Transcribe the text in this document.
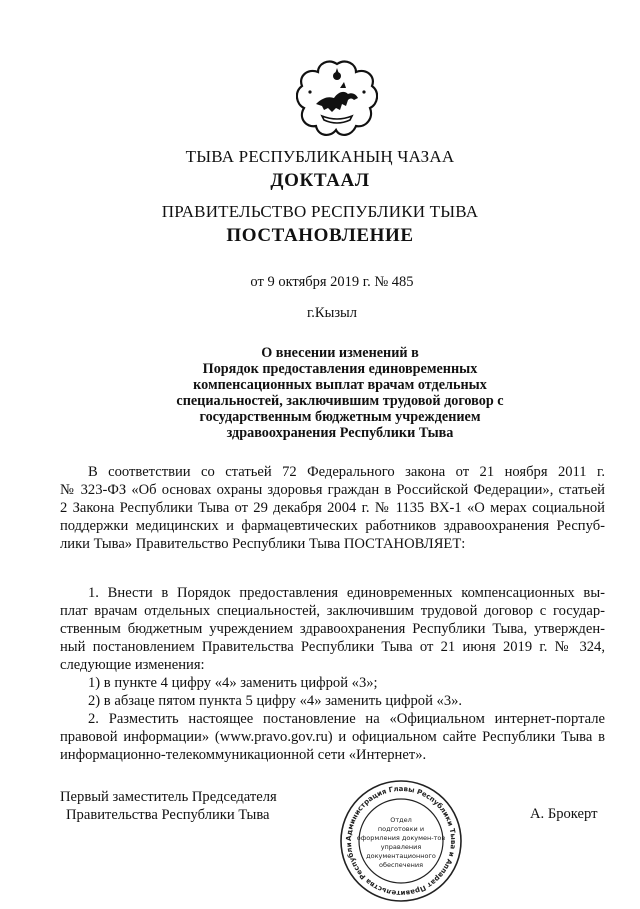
ТЫВА РЕСПУБЛИКАНЫҢ ЧАЗАА
ДОКТААЛ
ПРАВИТЕЛЬСТВО РЕСПУБЛИКИ ТЫВА
ПОСТАНОВЛЕНИЕ
от 9 октября 2019 г. № 485
г.Кызыл
О внесении изменений в
Порядок предоставления единовременных
компенсационных выплат врачам отдельных
специальностей, заключившим трудовой договор с
государственным бюджетным учреждением
здравоохранения Республики Тыва
В соответствии со статьей 72 Федерального закона от 21 ноября 2011 г.
№ 323-ФЗ «Об основах охраны здоровья граждан в Российской Федерации», статьей
2 Закона Республики Тыва от 29 декабря 2004 г. № 1135 ВХ-1 «О мерах социальной
поддержки медицинских и фармацевтических работников здравоохранения Респуб-
лики Тыва» Правительство Республики Тыва ПОСТАНОВЛЯЕТ:
1. Внести в Порядок предоставления единовременных компенсационных вы-
плат врачам отдельных специальностей, заключившим трудовой договор с государ-
ственным бюджетным учреждением здравоохранения Республики Тыва, утвержден-
ный постановлением Правительства Республики Тыва от 21 июня 2019 г. № 324,
следующие изменения:
1) в пункте 4 цифру «4» заменить цифрой «3»;
2) в абзаце пятом пункта 5 цифру «4» заменить цифрой «3».
2. Разместить настоящее постановление на «Официальном интернет-портале
правовой информации» (www.pravo.gov.ru) и официальном сайте Республики Тыва в
информационно-телекоммуникационной сети «Интернет».
Первый заместитель Председателя
Правительства Республики Тыва	А. Брокерт
Администрация Главы Республики Тыва и Аппарат Правительства Республи
Отдел
подготовки и
оформления докумен-тов
управления
документационного
обеспечения
